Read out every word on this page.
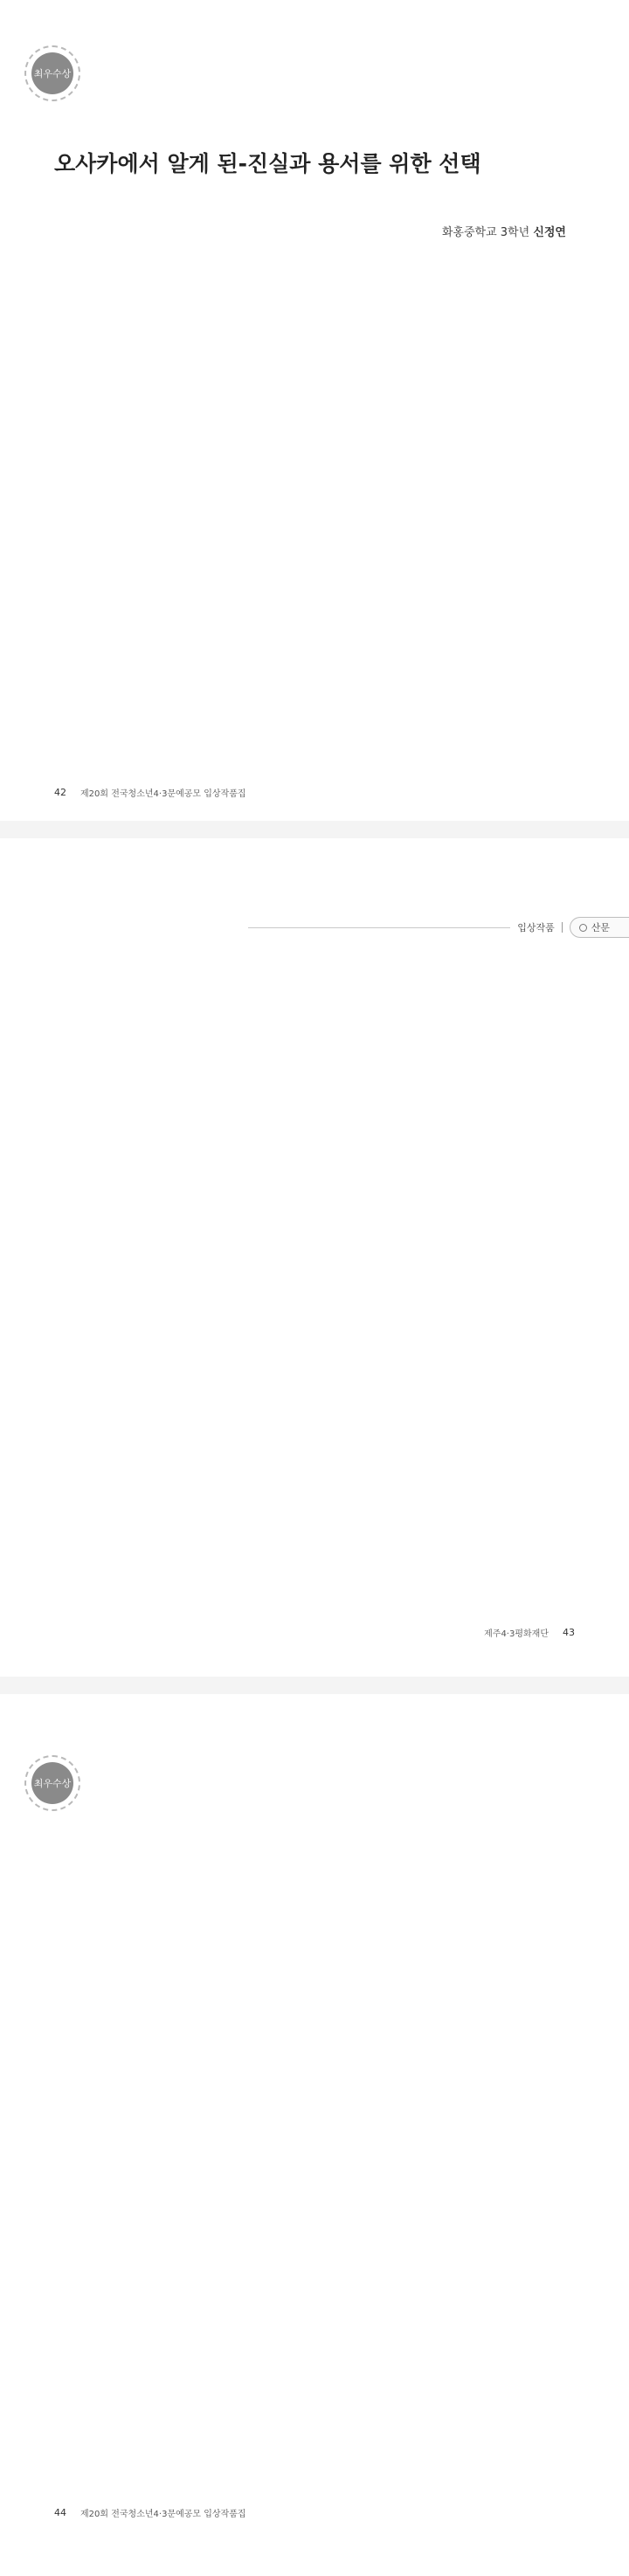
최우수상
오사카에서 알게 된-진실과 용서를 위한 선택
화홍중학교 3학년 신정연

42 제20회 전국청소년4·3문예공모 입상작품집
입상작품	산문

제주4·3평화재단 43
최우수상

44 제20회 전국청소년4·3문예공모 입상작품집
